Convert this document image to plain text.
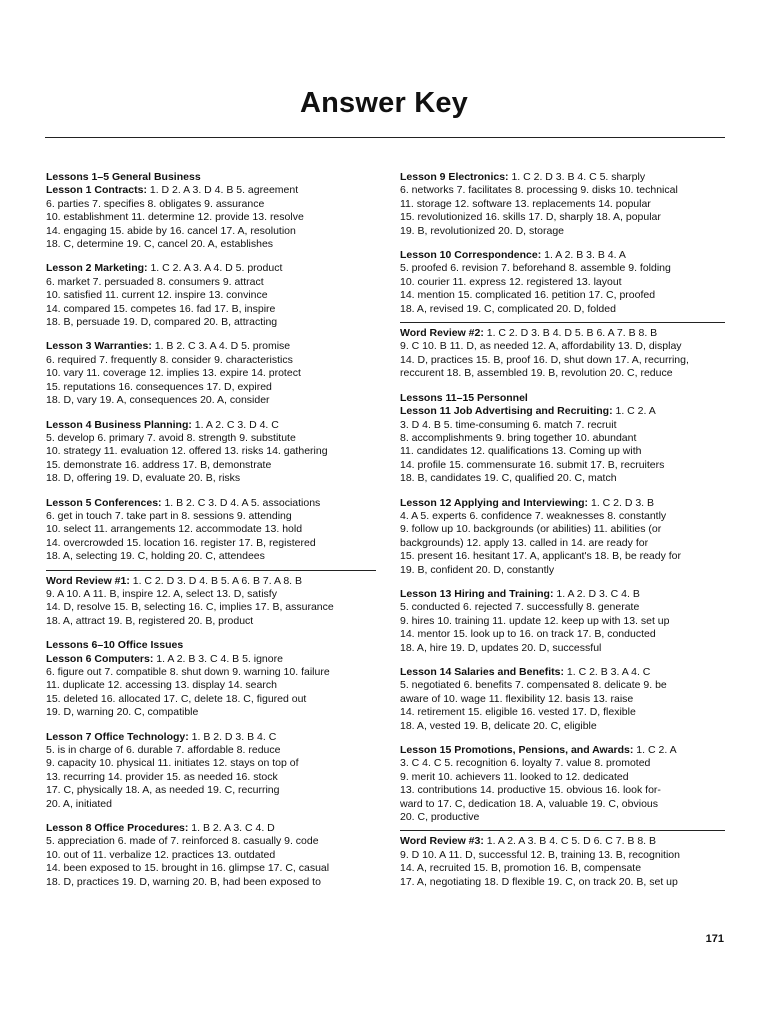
Answer Key
Lessons 1–5 General Business
Lesson 1 Contracts: 1. D 2. A 3. D 4. B 5. agreement
6. parties 7. specifies 8. obligates 9. assurance
10. establishment 11. determine 12. provide 13. resolve
14. engaging 15. abide by 16. cancel 17. A, resolution
18. C, determine 19. C, cancel 20. A, establishes
Lesson 2 Marketing: 1. C 2. A 3. A 4. D 5. product
6. market 7. persuaded 8. consumers 9. attract
10. satisfied 11. current 12. inspire 13. convince
14. compared 15. competes 16. fad 17. B, inspire
18. B, persuade 19. D, compared 20. B, attracting
Lesson 3 Warranties: 1. B 2. C 3. A 4. D 5. promise
6. required 7. frequently 8. consider 9. characteristics
10. vary 11. coverage 12. implies 13. expire 14. protect
15. reputations 16. consequences 17. D, expired
18. D, vary 19. A, consequences 20. A, consider
Lesson 4 Business Planning: 1. A 2. C 3. D 4. C
5. develop 6. primary 7. avoid 8. strength 9. substitute
10. strategy 11. evaluation 12. offered 13. risks 14. gathering
15. demonstrate 16. address 17. B, demonstrate
18. D, offering 19. D, evaluate 20. B, risks
Lesson 5 Conferences: 1. B 2. C 3. D 4. A 5. associations
6. get in touch 7. take part in 8. sessions 9. attending
10. select 11. arrangements 12. accommodate 13. hold
14. overcrowded 15. location 16. register 17. B, registered
18. A, selecting 19. C, holding 20. C, attendees
Word Review #1: 1. C 2. D 3. D 4. B 5. A 6. B 7. A 8. B
9. A 10. A 11. B, inspire 12. A, select 13. D, satisfy
14. D, resolve 15. B, selecting 16. C, implies 17. B, assurance
18. A, attract 19. B, registered 20. B, product
Lessons 6–10 Office Issues
Lesson 6 Computers: 1. A 2. B 3. C 4. B 5. ignore
6. figure out 7. compatible 8. shut down 9. warning 10. failure
11. duplicate 12. accessing 13. display 14. search
15. deleted 16. allocated 17. C, delete 18. C, figured out
19. D, warning 20. C, compatible
Lesson 7 Office Technology: 1. B 2. D 3. B 4. C
5. is in charge of 6. durable 7. affordable 8. reduce
9. capacity 10. physical 11. initiates 12. stays on top of
13. recurring 14. provider 15. as needed 16. stock
17. C, physically 18. A, as needed 19. C, recurring
20. A, initiated
Lesson 8 Office Procedures: 1. B 2. A 3. C 4. D
5. appreciation 6. made of 7. reinforced 8. casually 9. code
10. out of 11. verbalize 12. practices 13. outdated
14. been exposed to 15. brought in 16. glimpse 17. C, casual
18. D, practices 19. D, warning 20. B, had been exposed to
Lesson 9 Electronics: 1. C 2. D 3. B 4. C 5. sharply
6. networks 7. facilitates 8. processing 9. disks 10. technical
11. storage 12. software 13. replacements 14. popular
15. revolutionized 16. skills 17. D, sharply 18. A, popular
19. B, revolutionized 20. D, storage
Lesson 10 Correspondence: 1. A 2. B 3. B 4. A
5. proofed 6. revision 7. beforehand 8. assemble 9. folding
10. courier 11. express 12. registered 13. layout
14. mention 15. complicated 16. petition 17. C, proofed
18. A, revised 19. C, complicated 20. D, folded
Word Review #2: 1. C 2. D 3. B 4. D 5. B 6. A 7. B 8. B
9. C 10. B 11. D, as needed 12. A, affordability 13. D, display
14. D, practices 15. B, proof 16. D, shut down 17. A, recurring,
reccurent 18. B, assembled 19. B, revolution 20. C, reduce
Lessons 11–15 Personnel
Lesson 11 Job Advertising and Recruiting: 1. C 2. A
3. D 4. B 5. time-consuming 6. match 7. recruit
8. accomplishments 9. bring together 10. abundant
11. candidates 12. qualifications 13. Coming up with
14. profile 15. commensurate 16. submit 17. B, recruiters
18. B, candidates 19. C, qualified 20. C, match
Lesson 12 Applying and Interviewing: 1. C 2. D 3. B
4. A 5. experts 6. confidence 7. weaknesses 8. constantly
9. follow up 10. backgrounds (or abilities) 11. abilities (or
backgrounds) 12. apply 13. called in 14. are ready for
15. present 16. hesitant 17. A, applicant's 18. B, be ready for
19. B, confident 20. D, constantly
Lesson 13 Hiring and Training: 1. A 2. D 3. C 4. B
5. conducted 6. rejected 7. successfully 8. generate
9. hires 10. training 11. update 12. keep up with 13. set up
14. mentor 15. look up to 16. on track 17. B, conducted
18. A, hire 19. D, updates 20. D, successful
Lesson 14 Salaries and Benefits: 1. C 2. B 3. A 4. C
5. negotiated 6. benefits 7. compensated 8. delicate 9. be
aware of 10. wage 11. flexibility 12. basis 13. raise
14. retirement 15. eligible 16. vested 17. D, flexible
18. A, vested 19. B, delicate 20. C, eligible
Lesson 15 Promotions, Pensions, and Awards: 1. C 2. A
3. C 4. C 5. recognition 6. loyalty 7. value 8. promoted
9. merit 10. achievers 11. looked to 12. dedicated
13. contributions 14. productive 15. obvious 16. look for-
ward to 17. C, dedication 18. A, valuable 19. C, obvious
20. C, productive
Word Review #3: 1. A 2. A 3. B 4. C 5. D 6. C 7. B 8. B
9. D 10. A 11. D, successful 12. B, training 13. B, recognition
14. A, recruited 15. B, promotion 16. B, compensate
17. A, negotiating 18. D flexible 19. C, on track 20. B, set up
171
